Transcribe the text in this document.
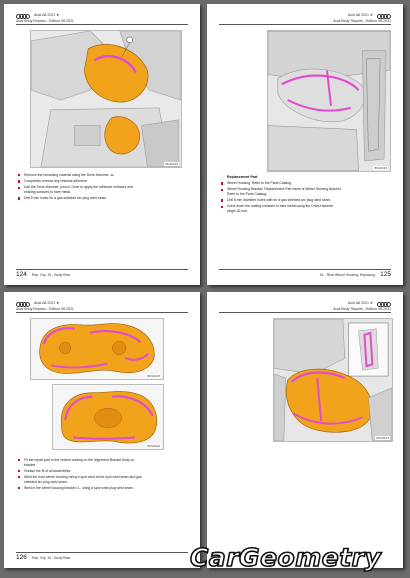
Audi A8 2021 ➤
Audi Body Repairs - Edition 08.2021
8FG0123
Remove the remaining material using the Drive-Hammer -A-.
Completely remove any residual adhesive.
Use the Drive-Hammer, punch. Drive to apply the adhesive surfaces and existing surfaces to bare metal.
Drill 8 mm holes for a gas shielded arc plug weld seam.
124 Rep. Grp. 51 - Body Rear
Audi A8 2021 ➤
Audi Body Repairs - Edition 08.2021
8FG0124
Replacement Part
Wheel Housing. Refer to the Parts Catalog.
Wheel Housing Bracket, Replacement Part name is Wheel Housing Bracket. Refer to the Parts Catalog.
Drill 8 mm diameter holes with for a gas shielded arc plug weld seam.
Grind down the mating surfaces to bare metal using the Drive-Hammer single-ID-tool.
125
51 - Rear Wheel Housing, Replacing
Audi A8 2021 ➤
Audi Body Repairs - Edition 08.2021
8FG0125
8FG0126
Fit the repair part to the vehicle loading on the Alignment Bracket Body-to-bracket.
Grease the fit of all assemblies.
Weld the front wheel housing using a spot weld at the spot weld seam and gas shielded arc plug weld seam.
Weld in the wheel housing bracket I.L. using a spot weld plug weld seam.
126 Rep. Grp. 51 - Body Rear
Audi A8 2021 ➤
Audi Body Repairs - Edition 08.2021
8FG0127
CarGeometry
